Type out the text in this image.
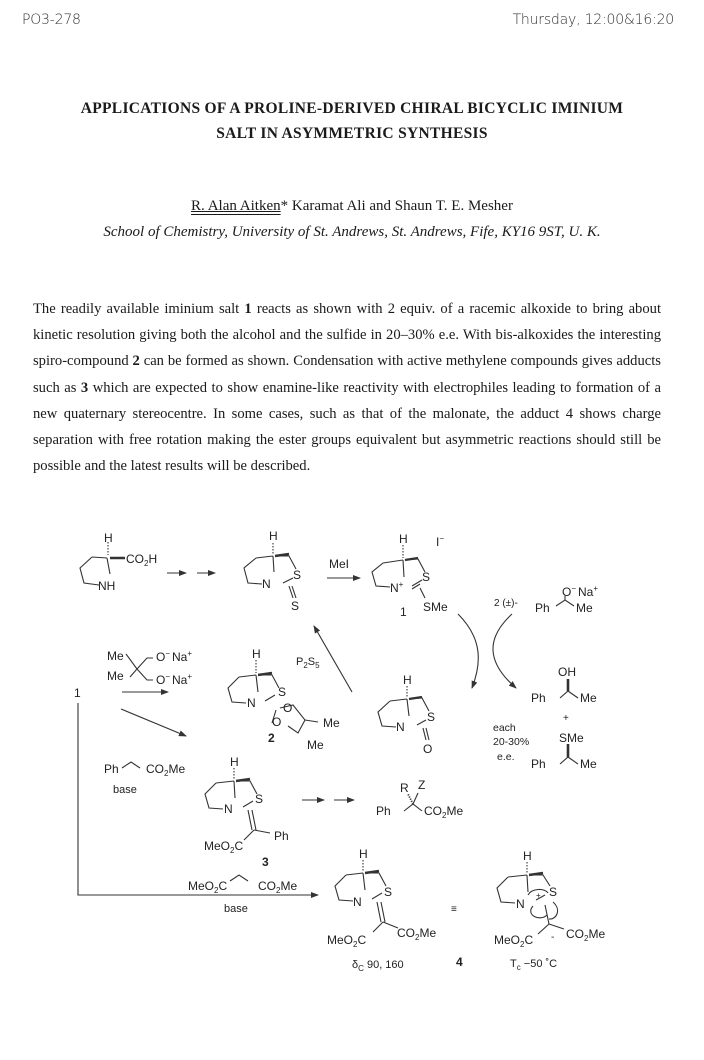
PO3-278	Thursday, 12:00&16:20
APPLICATIONS OF A PROLINE-DERIVED CHIRAL BICYCLIC IMINIUM
SALT IN ASYMMETRIC SYNTHESIS
R. Alan Aitken* Karamat Ali and Shaun T. E. Mesher
School of Chemistry, University of St. Andrews, St. Andrews, Fife, KY16 9ST, U. K.
The readily available iminium salt 1 reacts as shown with 2 equiv. of a racemic alkoxide to bring about kinetic resolution giving both the alcohol and the sulfide in 20–30% e.e. With bis-alkoxides the interesting spiro-compound 2 can be formed as shown. Condensation with active methylene compounds gives adducts such as 3 which are expected to show enamine-like reactivity with electrophiles leading to formation of a new quaternary stereocentre. In some cases, such as that of the malonate, the adduct 4 shows charge separation with free rotation making the ester groups equivalent but asymmetric reactions should still be possible and the latest results will be described.
H
$CO_2H$
NH
H
N
S
S
MeI
H I−
N+
S
SMe
1
2 (±)-
O− Na+
Ph Me
Me
Me
O− Na+
O− Na+
1
H
N
S
O
O	Me
Me
2
$P_2S_5$
H
N
S
O
OH
Ph	Me
+
SMe
Ph	Me
each
20-30%
e.e.
Ph $CO_2Me$
base
H
N
S
Ph
MeO$_2$C
3
R Z
Ph	$CO_2Me$
MeO$_2$C	$CO_2Me$
base
H
N
S
MeO$_2$C	$CO_2Me$
$\delta_C$ 90, 160	4
≡
H
N
+ S
-
MeO$_2$C	$CO_2Me$
$T_c -50$ ˚C
